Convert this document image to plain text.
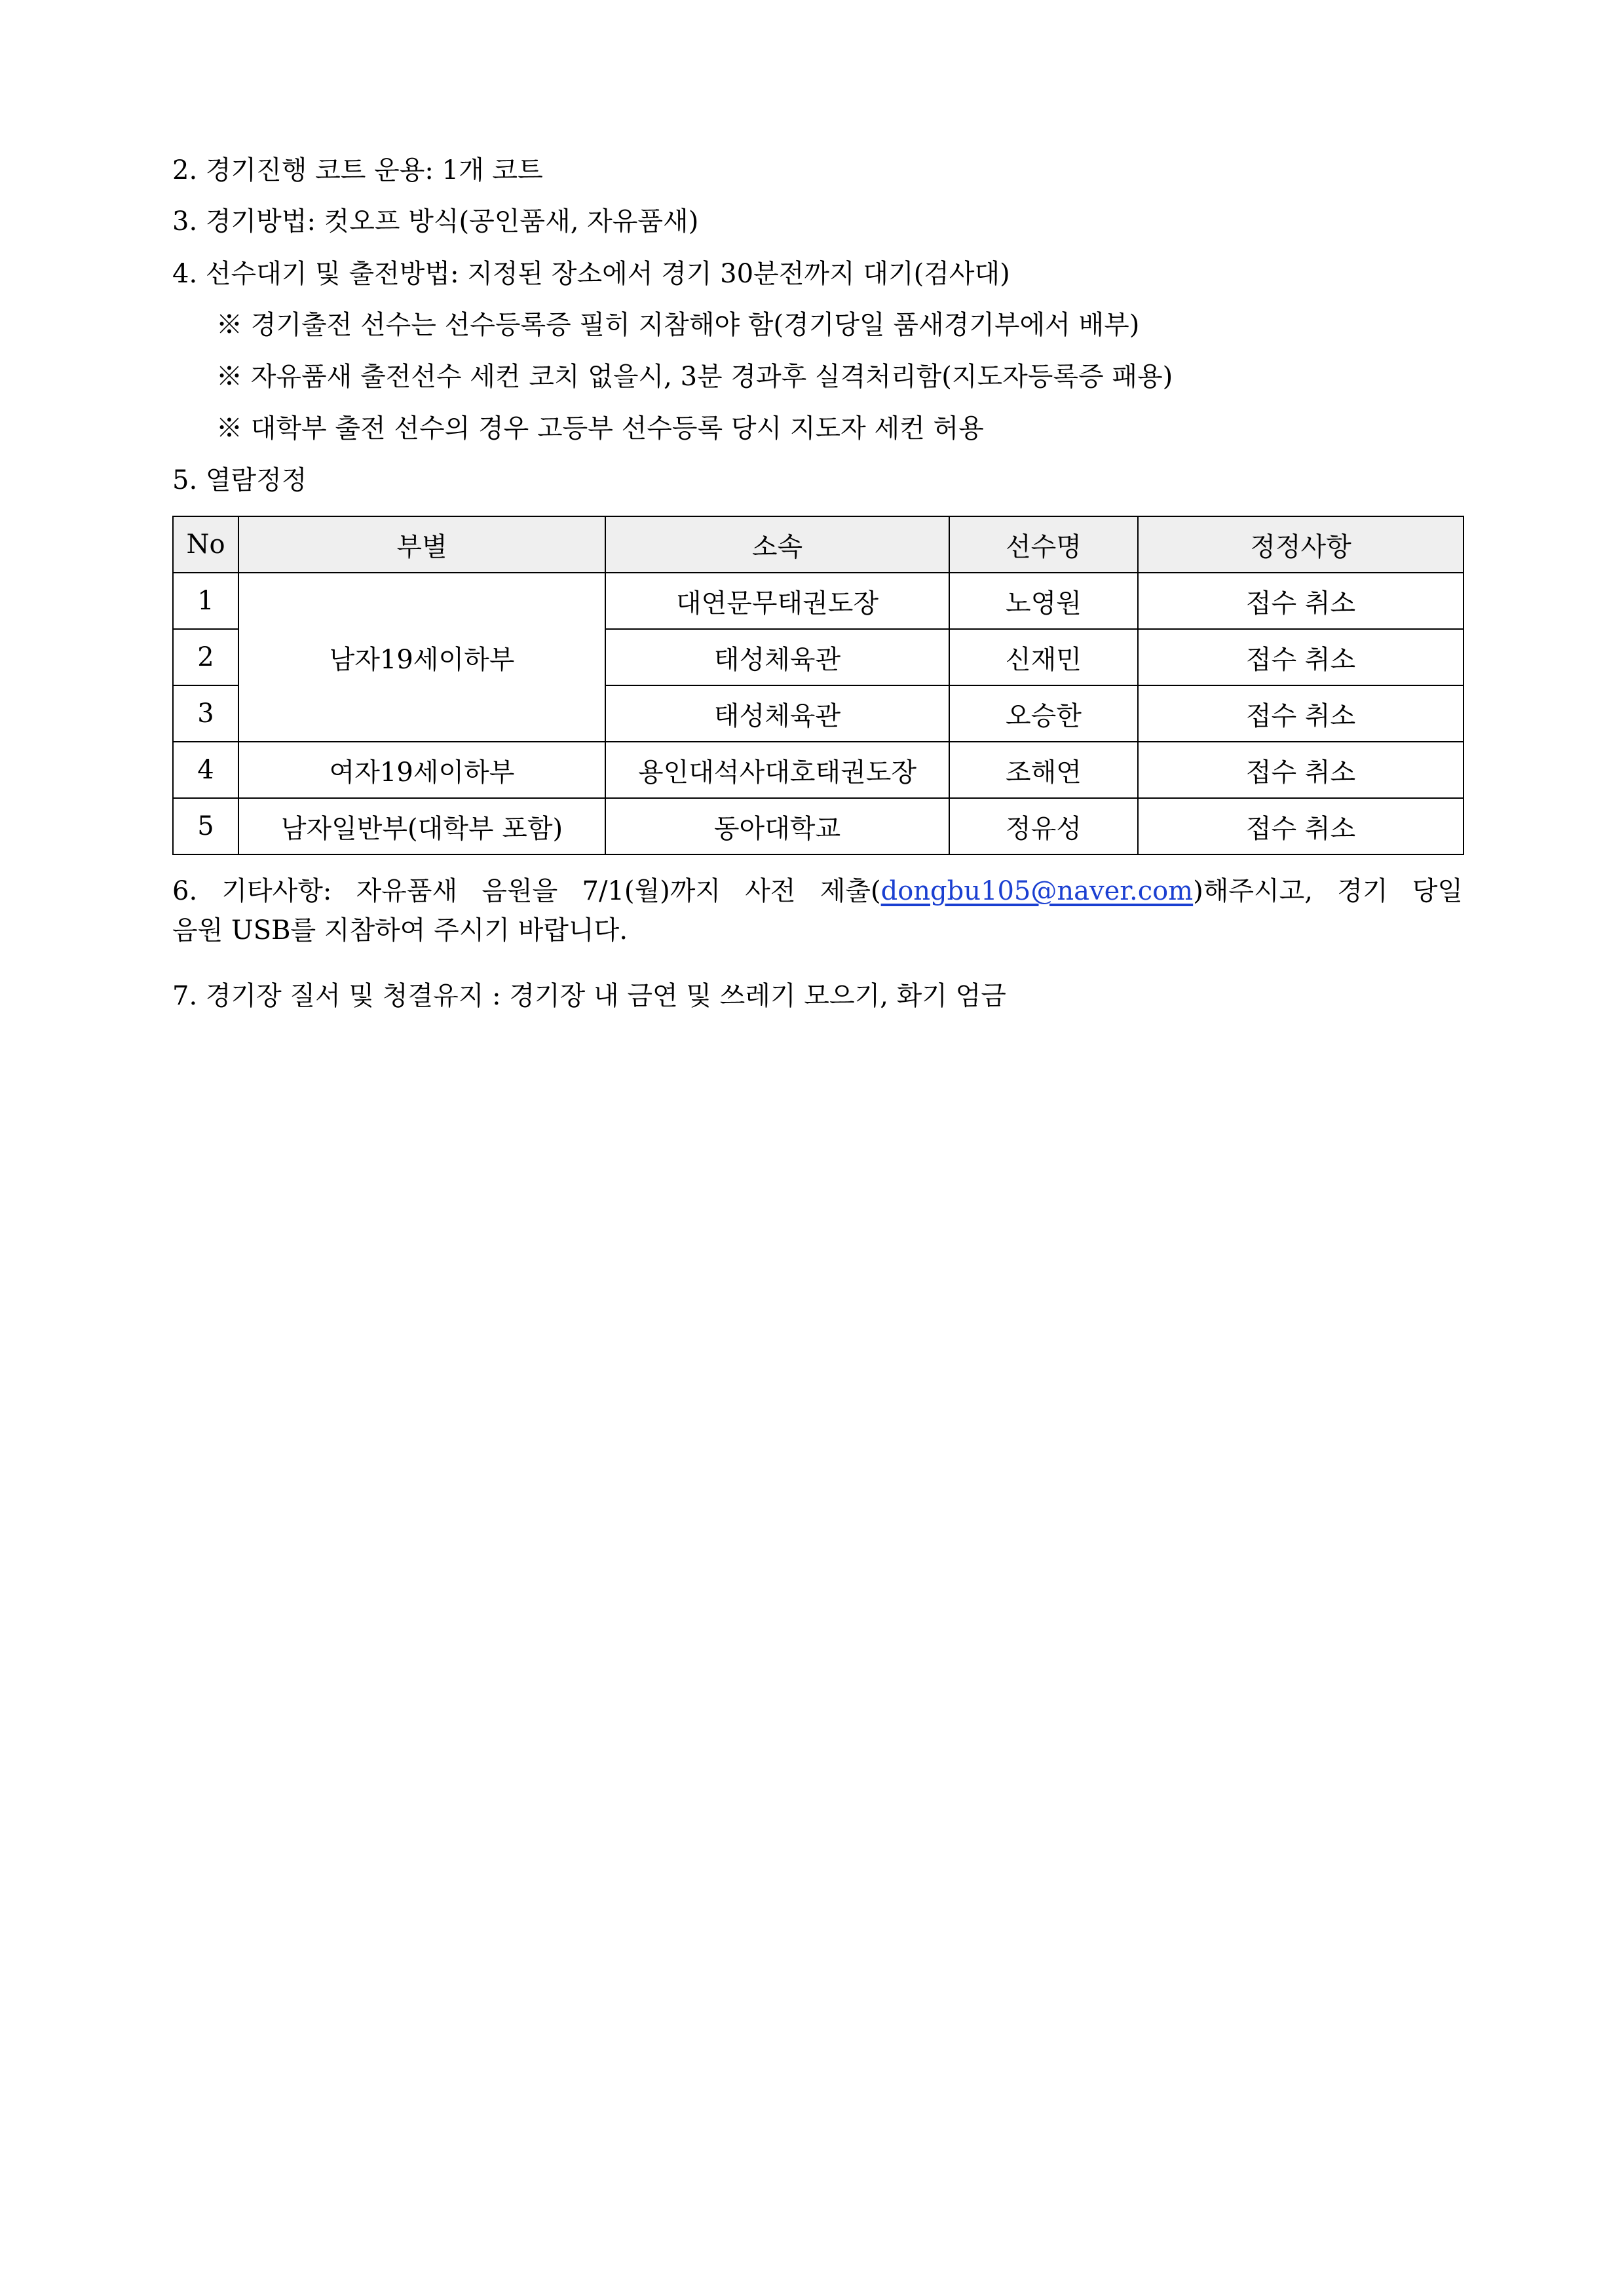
2. 경기진행 코트 운용: 1개 코트
3. 경기방법: 컷오프 방식(공인품새, 자유품새)
4. 선수대기 및 출전방법: 지정된 장소에서 경기 30분전까지 대기(검사대)
※ 경기출전 선수는 선수등록증 필히 지참해야 함(경기당일 품새경기부에서 배부)
※ 자유품새 출전선수 세컨 코치 없을시, 3분 경과후 실격처리함(지도자등록증 패용)
※ 대학부 출전 선수의 경우 고등부 선수등록 당시 지도자 세컨 허용
5. 열람정정
No	부별	소속	선수명	정정사항
1	남자19세이하부	대연문무태권도장	노영원	접수 취소
2		태성체육관	신재민	접수 취소
3		태성체육관	오승한	접수 취소
4	여자19세이하부	용인대석사대호태권도장	조해연	접수 취소
5	남자일반부(대학부 포함)	동아대학교	정유성	접수 취소
6. 기타사항: 자유품새 음원을 7/1(월)까지 사전 제출(dongbu105@naver.com)해주시고, 경기 당일
음원 USB를 지참하여 주시기 바랍니다.
7. 경기장 질서 및 청결유지 : 경기장 내 금연 및 쓰레기 모으기, 화기 엄금
